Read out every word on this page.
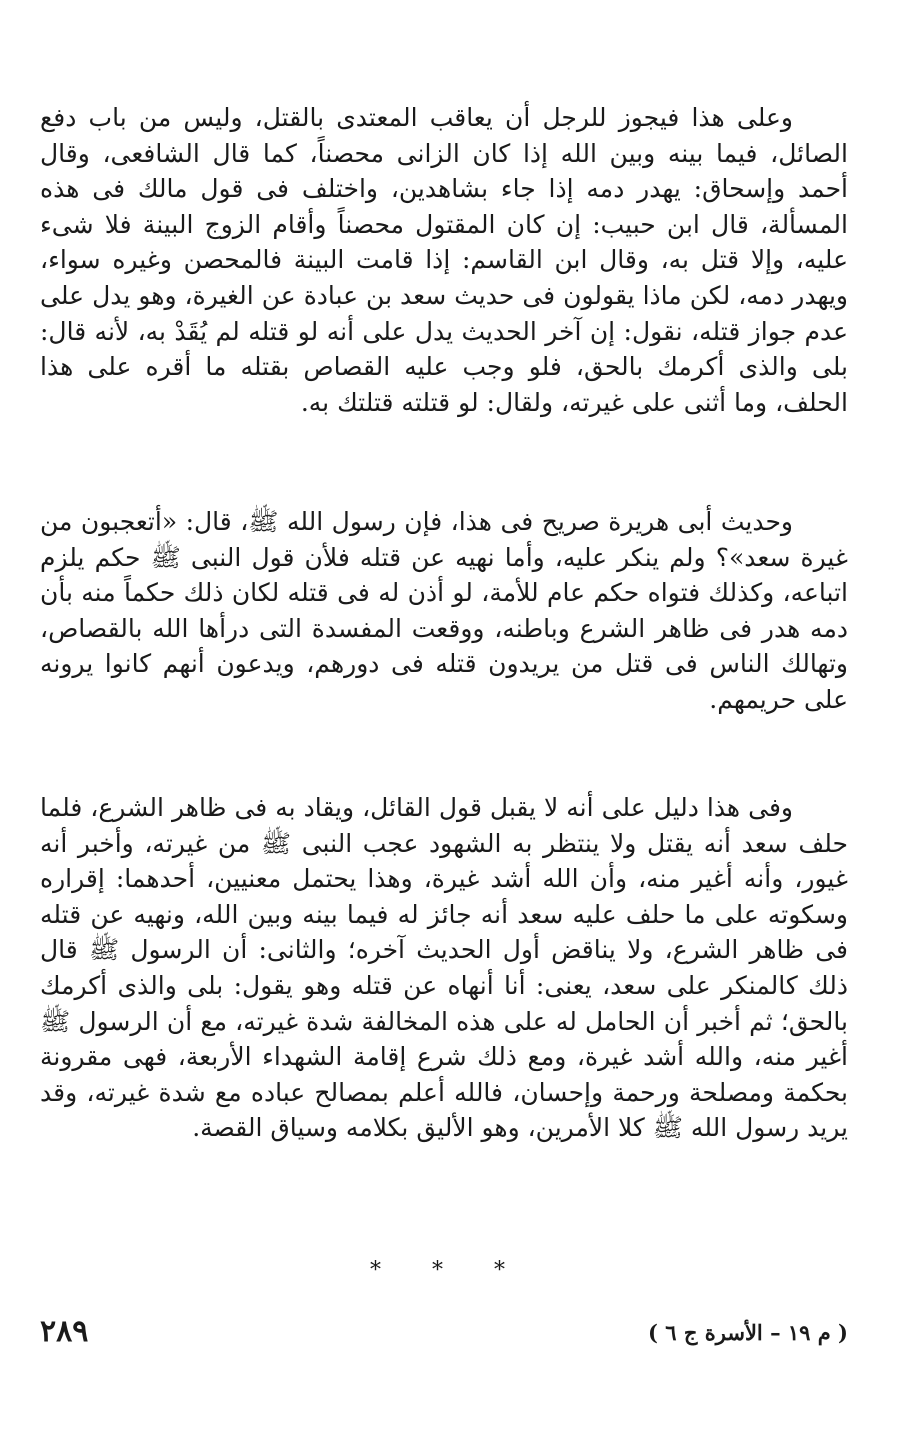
وعلى هذا فيجوز للرجل أن يعاقب المعتدى بالقتل، وليس من باب دفع الصائل، فيما بينه وبين الله إذا كان الزانى محصناً، كما قال الشافعى، وقال أحمد وإسحاق: يهدر دمه إذا جاء بشاهدين، واختلف فى قول مالك فى هذه المسألة، قال ابن حبيب: إن كان المقتول محصناً وأقام الزوج البينة فلا شىء عليه، وإلا قتل به، وقال ابن القاسم: إذا قامت البينة فالمحصن وغيره سواء، ويهدر دمه، لكن ماذا يقولون فى حديث سعد بن عبادة عن الغيرة، وهو يدل على عدم جواز قتله، نقول: إن آخر الحديث يدل على أنه لو قتله لم يُقَدْ به، لأنه قال: بلى والذى أكرمك بالحق، فلو وجب عليه القصاص بقتله ما أقره على هذا الحلف، وما أثنى على غيرته، ولقال: لو قتلته قتلتك به.

وحديث أبى هريرة صريح فى هذا، فإن رسول الله ﷺ، قال: «أتعجبون من غيرة سعد»؟ ولم ينكر عليه، وأما نهيه عن قتله فلأن قول النبى ﷺ حكم يلزم اتباعه، وكذلك فتواه حكم عام للأمة، لو أذن له فى قتله لكان ذلك حكماً منه بأن دمه هدر فى ظاهر الشرع وباطنه، ووقعت المفسدة التى درأها الله بالقصاص، وتهالك الناس فى قتل من يريدون قتله فى دورهم، ويدعون أنهم كانوا يرونه على حريمهم.

وفى هذا دليل على أنه لا يقبل قول القائل، ويقاد به فى ظاهر الشرع، فلما حلف سعد أنه يقتل ولا ينتظر به الشهود عجب النبى ﷺ من غيرته، وأخبر أنه غيور، وأنه أغير منه، وأن الله أشد غيرة، وهذا يحتمل معنيين، أحدهما: إقراره وسكوته على ما حلف عليه سعد أنه جائز له فيما بينه وبين الله، ونهيه عن قتله فى ظاهر الشرع، ولا يناقض أول الحديث آخره؛ والثانى: أن الرسول ﷺ قال ذلك كالمنكر على سعد، يعنى: أنا أنهاه عن قتله وهو يقول: بلى والذى أكرمك بالحق؛ ثم أخبر أن الحامل له على هذه المخالفة شدة غيرته، مع أن الرسول ﷺ أغير منه، والله أشد غيرة، ومع ذلك شرع إقامة الشهداء الأربعة، فهى مقرونة بحكمة ومصلحة ورحمة وإحسان، فالله أعلم بمصالح عباده مع شدة غيرته، وقد يريد رسول الله ﷺ كلا الأمرين، وهو الأليق بكلامه وسياق القصة.

* * *
( م ١٩ – الأسرة ج ٦ )
٢٨٩
